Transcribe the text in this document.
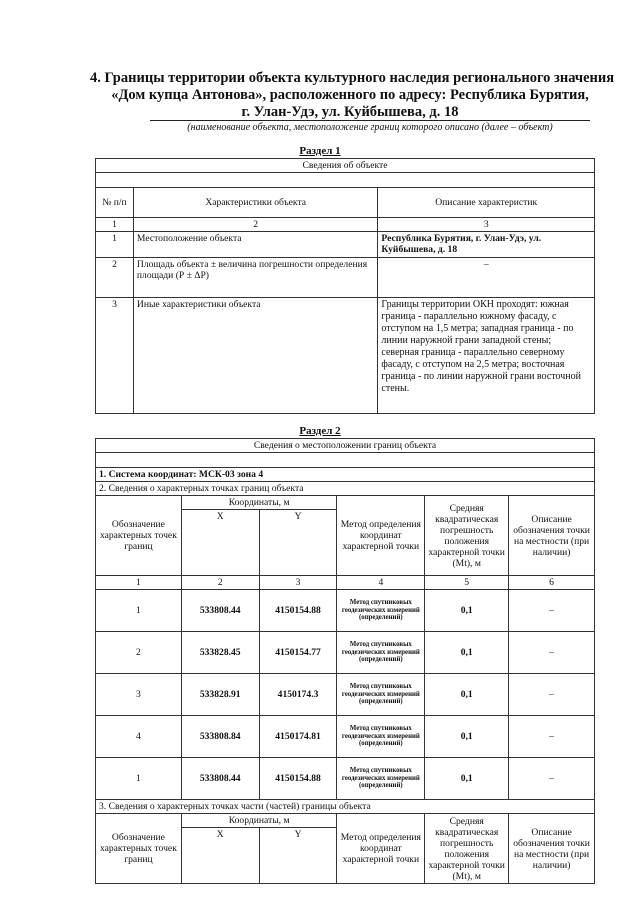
4. Границы территории объекта культурного наследия регионального значения
«Дом купца Антонова», расположенного по адресу: Республика Бурятия,
г. Улан-Удэ, ул. Куйбышева, д. 18
(наименование объекта, местоположение границ которого описано (далее – объект)
Раздел 1
Сведения об объекте		

№ п/п	Характеристики объекта	Описание характеристик
1	2	3
1	Местоположение объекта	Республика Бурятия, г. Улан-Удэ, ул. Куйбышева, д. 18
2	Площадь объекта ± величина погрешности определения площади (Р ± ΔР)	–
3	Иные характеристики объекта	Границы территории ОКН проходят: южная граница - параллельно южному фасаду, с отступом на 1,5 метра; западная граница - по линии наружной грани западной стены; северная граница - параллельно северному фасаду, с отступом на 2,5 метра; восточная граница - по линии наружной грани восточной стены.
Раздел 2
Сведения о местоположении границ объекта					

1. Система координат: МСК-03 зона 4					
2. Сведения о характерных точках границ объекта					
Обозначение характерных точек границ	Координаты, м		Метод определения координат характерной точки	Средняя квадратическая погрешность положения характерной точки (Мt), м	Описание обозначения точки на местности (при наличии)
	X	Y			
1	2	3	4	5	6
1	533808.44	4150154.88	Метод спутниковых геодезических измерений (определений)	0,1	–
2	533828.45	4150154.77	Метод спутниковых геодезических измерений (определений)	0,1	–
3	533828.91	4150174.3	Метод спутниковых геодезических измерений (определений)	0,1	–
4	533808.84	4150174.81	Метод спутниковых геодезических измерений (определений)	0,1	–
1	533808.44	4150154.88	Метод спутниковых геодезических измерений (определений)	0,1	–
3. Сведения о характерных точках части (частей) границы объекта					
Обозначение характерных точек границ	Координаты, м		Метод определения координат характерной точки	Средняя квадратическая погрешность положения характерной точки (Мt), м	Описание обозначения точки на местности (при наличии)
	X	Y			
